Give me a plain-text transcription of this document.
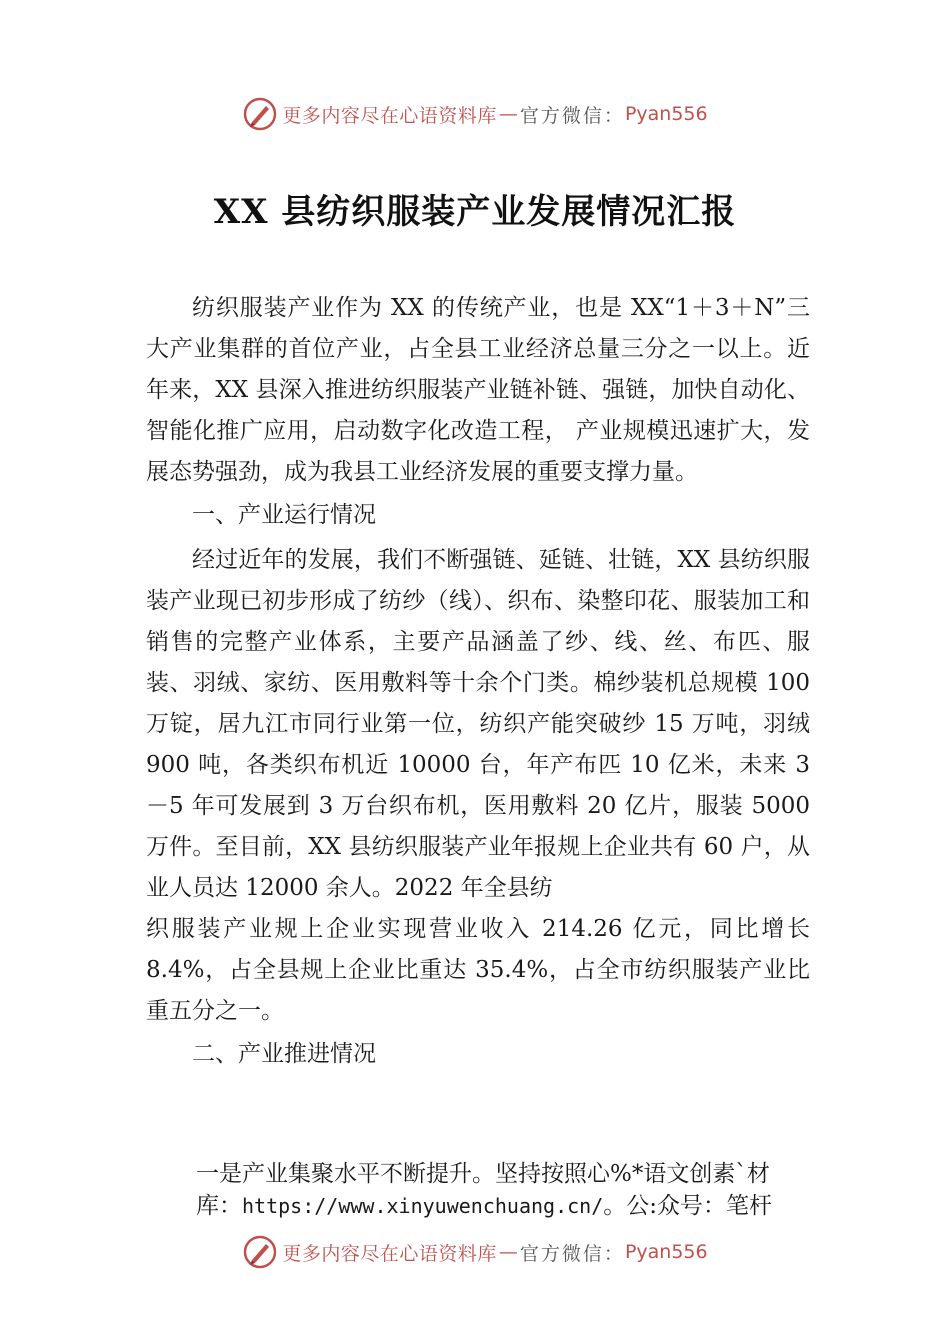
更多内容尽在心语资料库 — 官方微信： Pyan556
XX 县纺织服装产业发展情况汇报

纺织服装产业作为 XX 的传统产业，也是 XX“1＋3＋N”三大产业集群的首位产业，占全县工业经济总量三分之一以上。近年来，XX 县深入推进纺织服装产业链补链、强链，加快自动化、智能化推广应用，启动数字化改造工程， 产业规模迅速扩大，发展态势强劲，成为我县工业经济发展的重要支撑力量。

一、产业运行情况

经过近年的发展，我们不断强链、延链、壮链，XX 县纺织服装产业现已初步形成了纺纱（线）、织布、染整印花、服装加工和销售的完整产业体系，主要产品涵盖了纱、线、丝、布匹、服装、羽绒、家纺、医用敷料等十余个门类。棉纱装机总规模 100 万锭，居九江市同行业第一位，纺织产能突破纱 15 万吨，羽绒 900 吨，各类织布机近 10000 台，年产布匹 10 亿米，未来 3－5 年可发展到 3 万台织布机，医用敷料 20 亿片，服装 5000 万件。至目前，XX 县纺织服装产业年报规上企业共有 60 户，从业人员达 12000 余人。2022 年全县纺

织服装产业规上企业实现营业收入 214.26 亿元，同比增长 8.4%，占全县规上企业比重达 35.4%，占全市纺织服装产业比重五分之一。

二、产业推进情况

一是产业集聚水平不断提升。坚持按照心%*语文创素`材
库：https://www.xinyuwenchuang.cn/。公:众号：笔杆
更多内容尽在心语资料库 — 官方微信： Pyan556
